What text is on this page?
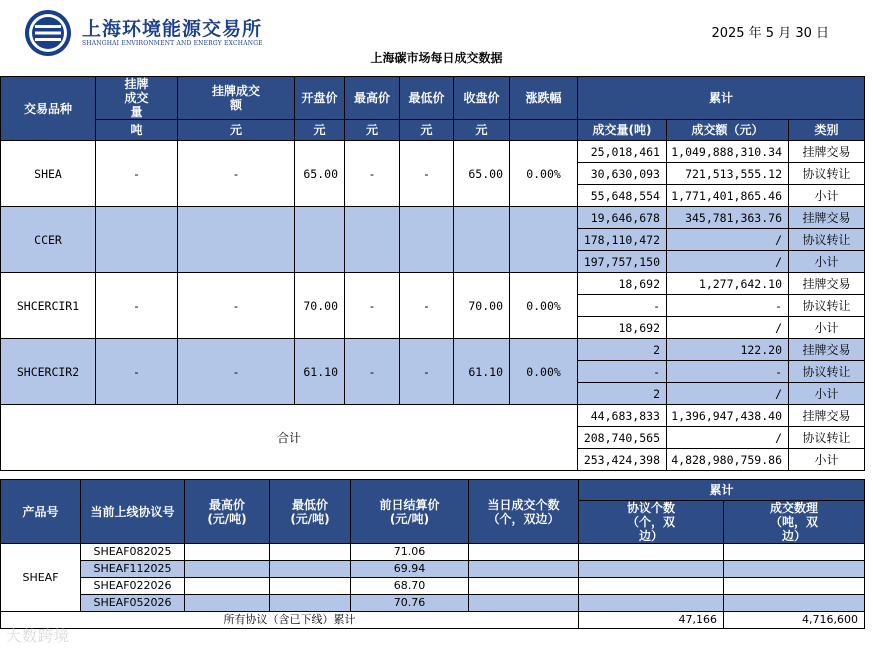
上海环境能源交易所
SHANGHAI ENVIRONMENT AND ENERGY EXCHANGE
2025 年 5 月 30 日
上海碳市场每日成交数据
交易品种	挂牌成交量	挂牌成交额	开盘价	最高价	最低价	收盘价	涨跌幅	累计		
	吨	元	元	元	元	元		成交量(吨)	成交额（元）	类别
SHEA	-	-	65.00	-	-	65.00	0.00%	25,018,461	1,049,888,310.34	挂牌交易
								30,630,093	721,513,555.12	协议转让
								55,648,554	1,771,401,865.46	小计
CCER								19,646,678	345,781,363.76	挂牌交易
								178,110,472	/	协议转让
								197,757,150	/	小计
SHCERCIR1	-	-	70.00	-	-	70.00	0.00%	18,692	1,277,642.10	挂牌交易
								-	-	协议转让
								18,692	/	小计
SHCERCIR2	-	-	61.10	-	-	61.10	0.00%	2	122.20	挂牌交易
								-	-	协议转让
								2	/	小计
合计								44,683,833	1,396,947,438.40	挂牌交易
								208,740,565	/	协议转让
								253,424,398	4,828,980,759.86	小计
产品号	当前上线协议号	最高价(元/吨)	最低价(元/吨)	前日结算价(元/吨)	当日成交个数（个，双边）	累计	
						协议个数（个，双边）	成交数理（吨，双边）
SHEAF	SHEAF082025			71.06			
	SHEAF112025			69.94			
	SHEAF022026			68.70			
	SHEAF052026			70.76			
所有协议（含已下线）累计						47,166	4,716,600
大数跨境
